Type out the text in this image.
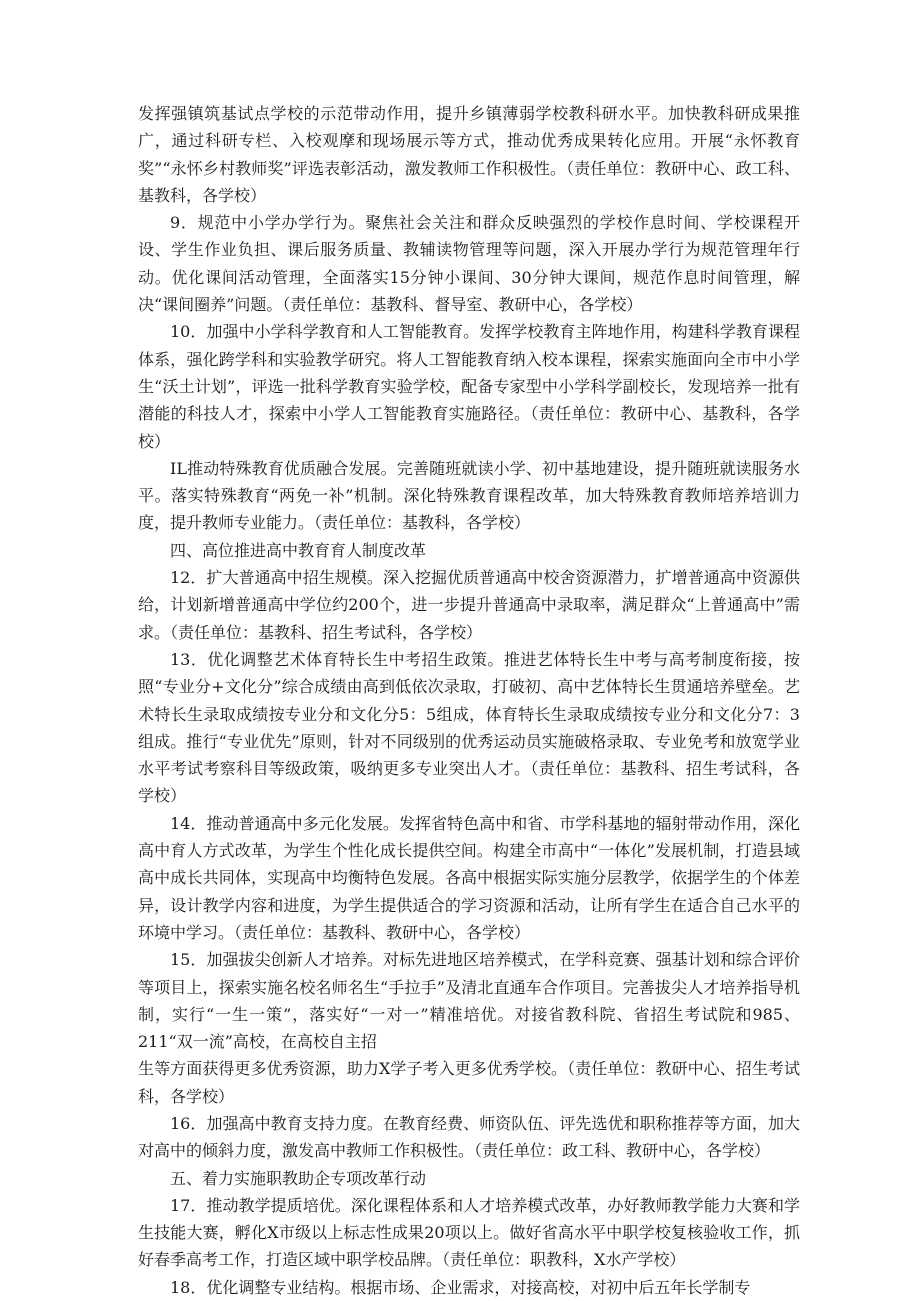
发挥强镇筑基试点学校的示范带动作用，提升乡镇薄弱学校教科研水平。加快教科研成果推广，通过科研专栏、入校观摩和现场展示等方式，推动优秀成果转化应用。开展“永怀教育奖”“永怀乡村教师奖”评选表彰活动，激发教师工作积极性。（责任单位：教研中心、政工科、基教科，各学校）

9．规范中小学办学行为。聚焦社会关注和群众反映强烈的学校作息时间、学校课程开设、学生作业负担、课后服务质量、教辅读物管理等问题，深入开展办学行为规范管理年行动。优化课间活动管理，全面落实15分钟小课间、30分钟大课间，规范作息时间管理，解决“课间圈养”问题。（责任单位：基教科、督导室、教研中心，各学校）

10．加强中小学科学教育和人工智能教育。发挥学校教育主阵地作用，构建科学教育课程体系，强化跨学科和实验教学研究。将人工智能教育纳入校本课程，探索实施面向全市中小学生“沃土计划”，评选一批科学教育实验学校，配备专家型中小学科学副校长，发现培养一批有潜能的科技人才，探索中小学人工智能教育实施路径。（责任单位：教研中心、基教科，各学校）

IL推动特殊教育优质融合发展。完善随班就读小学、初中基地建设，提升随班就读服务水平。落实特殊教育“两免一补”机制。深化特殊教育课程改革，加大特殊教育教师培养培训力度，提升教师专业能力。（责任单位：基教科，各学校）

四、高位推进高中教育育人制度改革

12．扩大普通高中招生规模。深入挖掘优质普通高中校舍资源潜力，扩增普通高中资源供给，计划新增普通高中学位约200个，进一步提升普通高中录取率，满足群众“上普通高中”需求。（责任单位：基教科、招生考试科，各学校）

13．优化调整艺术体育特长生中考招生政策。推进艺体特长生中考与高考制度衔接，按照“专业分+文化分”综合成绩由高到低依次录取，打破初、高中艺体特长生贯通培养壁垒。艺术特长生录取成绩按专业分和文化分5：5组成，体育特长生录取成绩按专业分和文化分7：3组成。推行“专业优先”原则，针对不同级别的优秀运动员实施破格录取、专业免考和放宽学业水平考试考察科目等级政策，吸纳更多专业突出人才。（责任单位：基教科、招生考试科，各学校）

14．推动普通高中多元化发展。发挥省特色高中和省、市学科基地的辐射带动作用，深化高中育人方式改革，为学生个性化成长提供空间。构建全市高中“一体化”发展机制，打造县域高中成长共同体，实现高中均衡特色发展。各高中根据实际实施分层教学，依据学生的个体差异，设计教学内容和进度，为学生提供适合的学习资源和活动，让所有学生在适合自己水平的环境中学习。（责任单位：基教科、教研中心，各学校）

15．加强拔尖创新人才培养。对标先进地区培养模式，在学科竞赛、强基计划和综合评价等项目上，探索实施名校名师名生“手拉手”及清北直通车合作项目。完善拔尖人才培养指导机制，实行“一生一策”，落实好“一对一”精准培优。对接省教科院、省招生考试院和985、211“双一流”高校，在高校自主招

生等方面获得更多优秀资源，助力X学子考入更多优秀学校。（责任单位：教研中心、招生考试科，各学校）

16．加强高中教育支持力度。在教育经费、师资队伍、评先选优和职称推荐等方面，加大对高中的倾斜力度，激发高中教师工作积极性。（责任单位：政工科、教研中心，各学校）

五、着力实施职教助企专项改革行动

17．推动教学提质培优。深化课程体系和人才培养模式改革，办好教师教学能力大赛和学生技能大赛，孵化X市级以上标志性成果20项以上。做好省高水平中职学校复核验收工作，抓好春季高考工作，打造区域中职学校品牌。（责任单位：职教科，X水产学校）

18．优化调整专业结构。根据市场、企业需求，对接高校，对初中后五年长学制专
